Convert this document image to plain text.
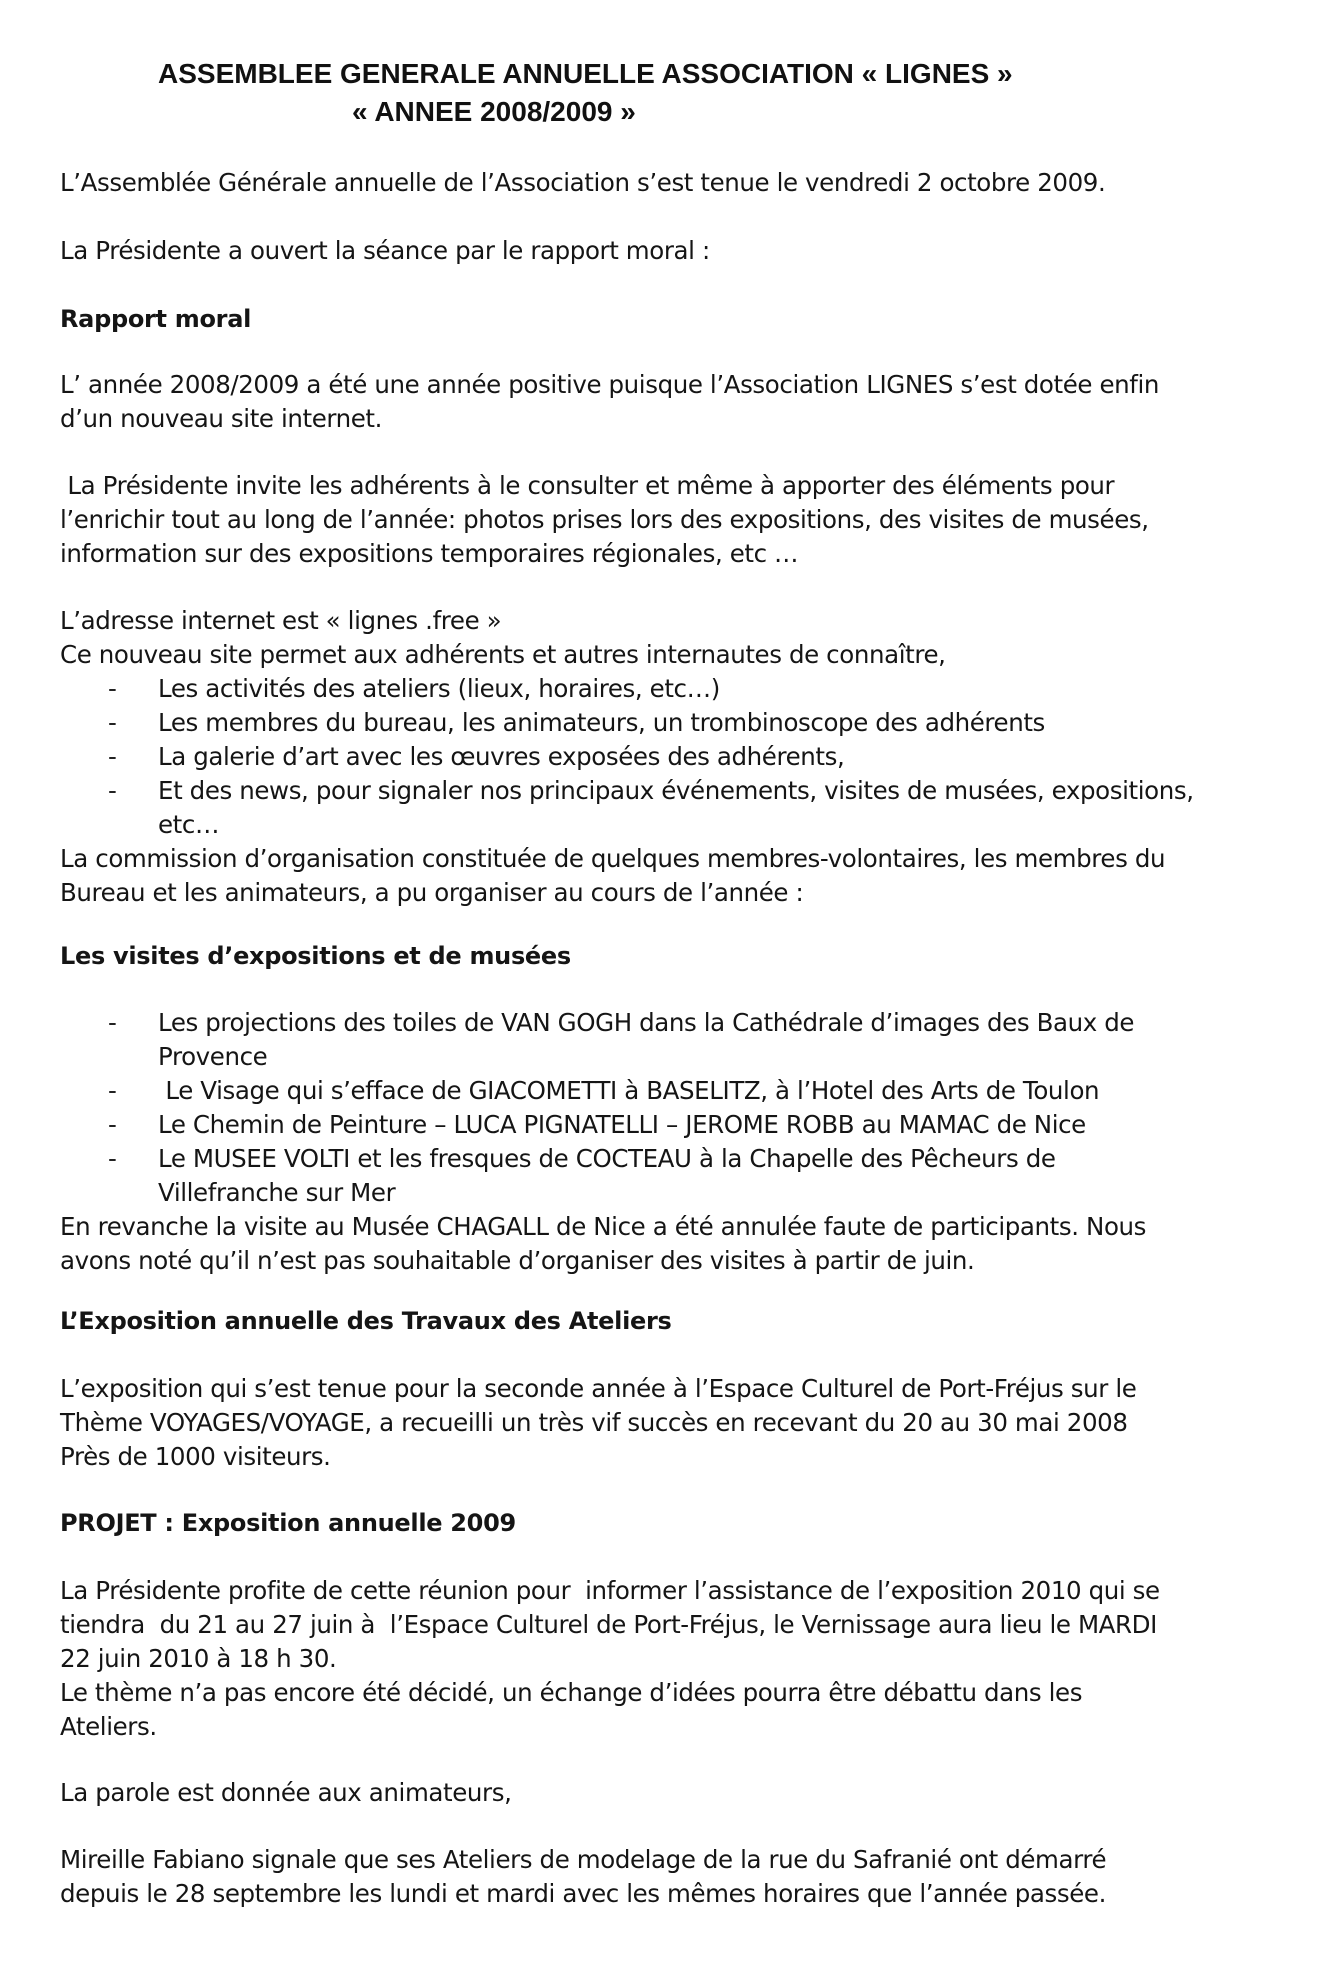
ASSEMBLEE GENERALE ANNUELLE ASSOCIATION « LIGNES »
« ANNEE 2008/2009 »
L’Assemblée Générale annuelle de l’Association s’est tenue le vendredi 2 octobre 2009.
La Présidente a ouvert la séance par le rapport moral :
Rapport moral
L’ année 2008/2009 a été une année positive puisque l’Association LIGNES s’est dotée enfin
d’un nouveau site internet.
La Présidente invite les adhérents à le consulter et même à apporter des éléments pour
l’enrichir tout au long de l’année: photos prises lors des expositions, des visites de musées,
information sur des expositions temporaires régionales, etc …
L’adresse internet est « lignes .free »
Ce nouveau site permet aux adhérents et autres internautes de connaître,
- Les activités des ateliers (lieux, horaires, etc…)
- Les membres du bureau, les animateurs, un trombinoscope des adhérents
- La galerie d’art avec les œuvres exposées des adhérents,
- Et des news, pour signaler nos principaux événements, visites de musées, expositions,
etc…
La commission d’organisation constituée de quelques membres-volontaires, les membres du
Bureau et les animateurs, a pu organiser au cours de l’année :
Les visites d’expositions et de musées
- Les projections des toiles de VAN GOGH dans la Cathédrale d’images des Baux de
Provence
-  Le Visage qui s’efface de GIACOMETTI à BASELITZ, à l’Hotel des Arts de Toulon
- Le Chemin de Peinture – LUCA PIGNATELLI – JEROME ROBB au MAMAC de Nice
- Le MUSEE VOLTI et les fresques de COCTEAU à la Chapelle des Pêcheurs de
Villefranche sur Mer
En revanche la visite au Musée CHAGALL de Nice a été annulée faute de participants. Nous
avons noté qu’il n’est pas souhaitable d’organiser des visites à partir de juin.
L’Exposition annuelle des Travaux des Ateliers
L’exposition qui s’est tenue pour la seconde année à l’Espace Culturel de Port-Fréjus sur le
Thème VOYAGES/VOYAGE, a recueilli un très vif succès en recevant du 20 au 30 mai 2008
Près de 1000 visiteurs.
PROJET : Exposition annuelle 2009
La Présidente profite de cette réunion pour  informer l’assistance de l’exposition 2010 qui se
tiendra  du 21 au 27 juin à  l’Espace Culturel de Port-Fréjus, le Vernissage aura lieu le MARDI
22 juin 2010 à 18 h 30.
Le thème n’a pas encore été décidé, un échange d’idées pourra être débattu dans les
Ateliers.
La parole est donnée aux animateurs,
Mireille Fabiano signale que ses Ateliers de modelage de la rue du Safranié ont démarré
depuis le 28 septembre les lundi et mardi avec les mêmes horaires que l’année passée.
